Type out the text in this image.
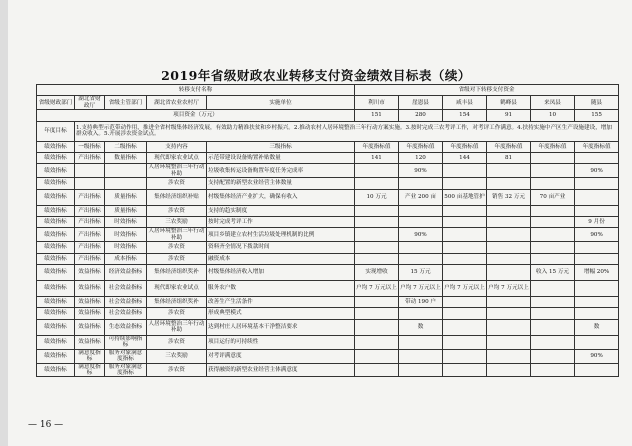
2019年省级财政农业转移支付资金绩效目标表（续）
转移支付名称					省级对下转移支付资金					
省级财政部门	湖北省财政厅	省级主管部门	湖北省农业农村厅	实施单位	利川市	崖恩县	咸丰县	鹤峰县	来凤县	随县
项目资金（万元）					151	280	154	91	10	155
年度目标	1.支持典型示范带动作用，推进全省村级集体经济发展，有效助力精准扶贫和乡村振兴。2.推动农村人居环境整治三年行动方案实施。3.按时完成三农考评工作，对考评工作满意。4.扶持实施中产区生产设施建设，增加群众收入。5.开展涉农资金试点。									
绩效指标	一级指标	二级指标	支持内容	三级指标	年度指标值	年度指标值	年度指标值	年度指标值	年度指标值	年度指标值
绩效指标	产出指标	数量指标	现代即家农业试点	示范带建设设备购置补贴数量	141	120	144	81		
绩效指标			人居环境整治三年行动补助	垃圾收集转运设备购置年度任务完成率		90%				90%
绩效指标			涉农资	支持配置的新型农业经营主体数量						
绩效指标	产出指标	质量指标	集体经济组织补贴	村级集体经济产业扩大，确保有收入	10 万元	产业 200 亩	500 亩基地管护	销售 32 万元	70 亩产业	
绩效指标	产出指标	质量指标	涉农资	支持的趋实制度						
绩效指标	产出指标	时效指标	三农奖励	按时完成考评工作						9 月份
绩效指标	产出指标	时效指标	人居环境整治三年行动补助	项目乡镇建立农村生活垃圾处理机制的比例		90%				90%
绩效指标	产出指标	时效指标	涉农资	资料齐全情况下拨款时间						
绩效指标	产出指标	成本指标	涉农资	融资成本						
绩效指标	效益指标	经济效益指标	集体经济组织奖补	村级集体经济收入增加	实现增收	15 万元			收入 15 万元	增幅 20%
绩效指标	效益指标	社会效益指标	现代即家农业试点	服务农户数	户均 7 万元以上	户均 7 万元以上	户均 7 万元以上	户均 7 万元以上		
绩效指标	效益指标	社会效益指标	集体经济组织奖补	改善生产生活条件		带动 190 户				
绩效指标	效益指标	社会效益指标	涉农资	形成典型模式						
绩效指标	效益指标	生态效益指标	人居环境整治三年行动补助	达到村庄人居环境基本干净整洁要求		数				数
绩效指标	效益指标	可持续影响指标	涉农资	项目运行的可持续性						
绩效指标	满意度指标	服务对象满意度指标	三农奖励	对考评满意度						90%
绩效指标	满意度指标	服务对象满意度指标	涉农资	获得融资的新型农业经营主体满意度						
— 16 —
